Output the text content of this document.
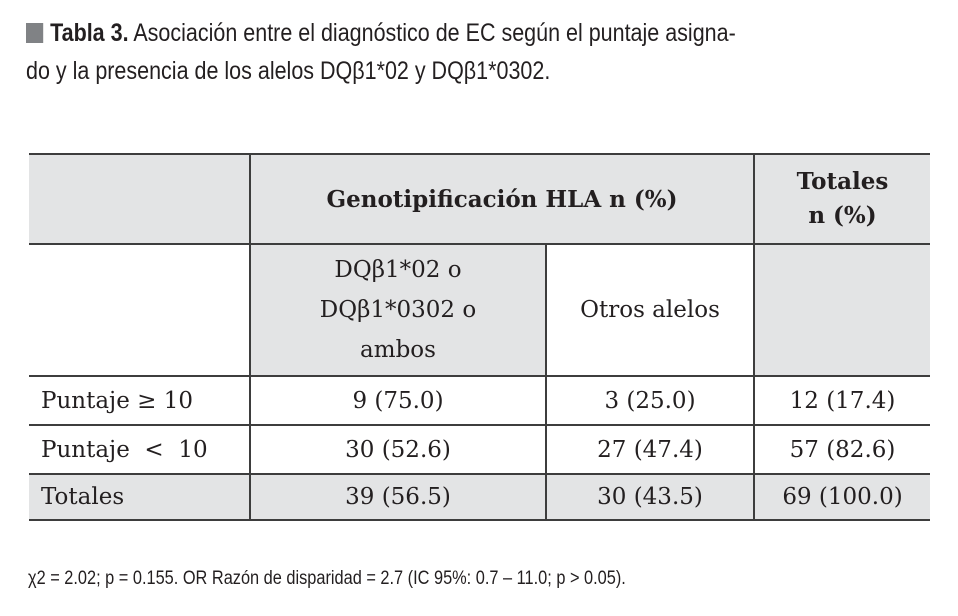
Tabla 3. Asociación entre el diagnóstico de EC según el puntaje asigna-
do y la presencia de los alelos DQβ1*02 y DQβ1*0302.
	Genotipificación HLA n (%)		Totales
n (%)

	DQβ1*02 o
DQβ1*0302 o
ambos	Otros alelos	
Puntaje ≥ 10	9 (75.0)	3 (25.0)	12 (17.4)
Puntaje  <  10	30 (52.6)	27 (47.4)	57 (82.6)
Totales	39 (56.5)	30 (43.5)	69 (100.0)
χ2 = 2.02; p = 0.155. OR Razón de disparidad = 2.7 (IC 95%: 0.7 – 11.0; p > 0.05).
